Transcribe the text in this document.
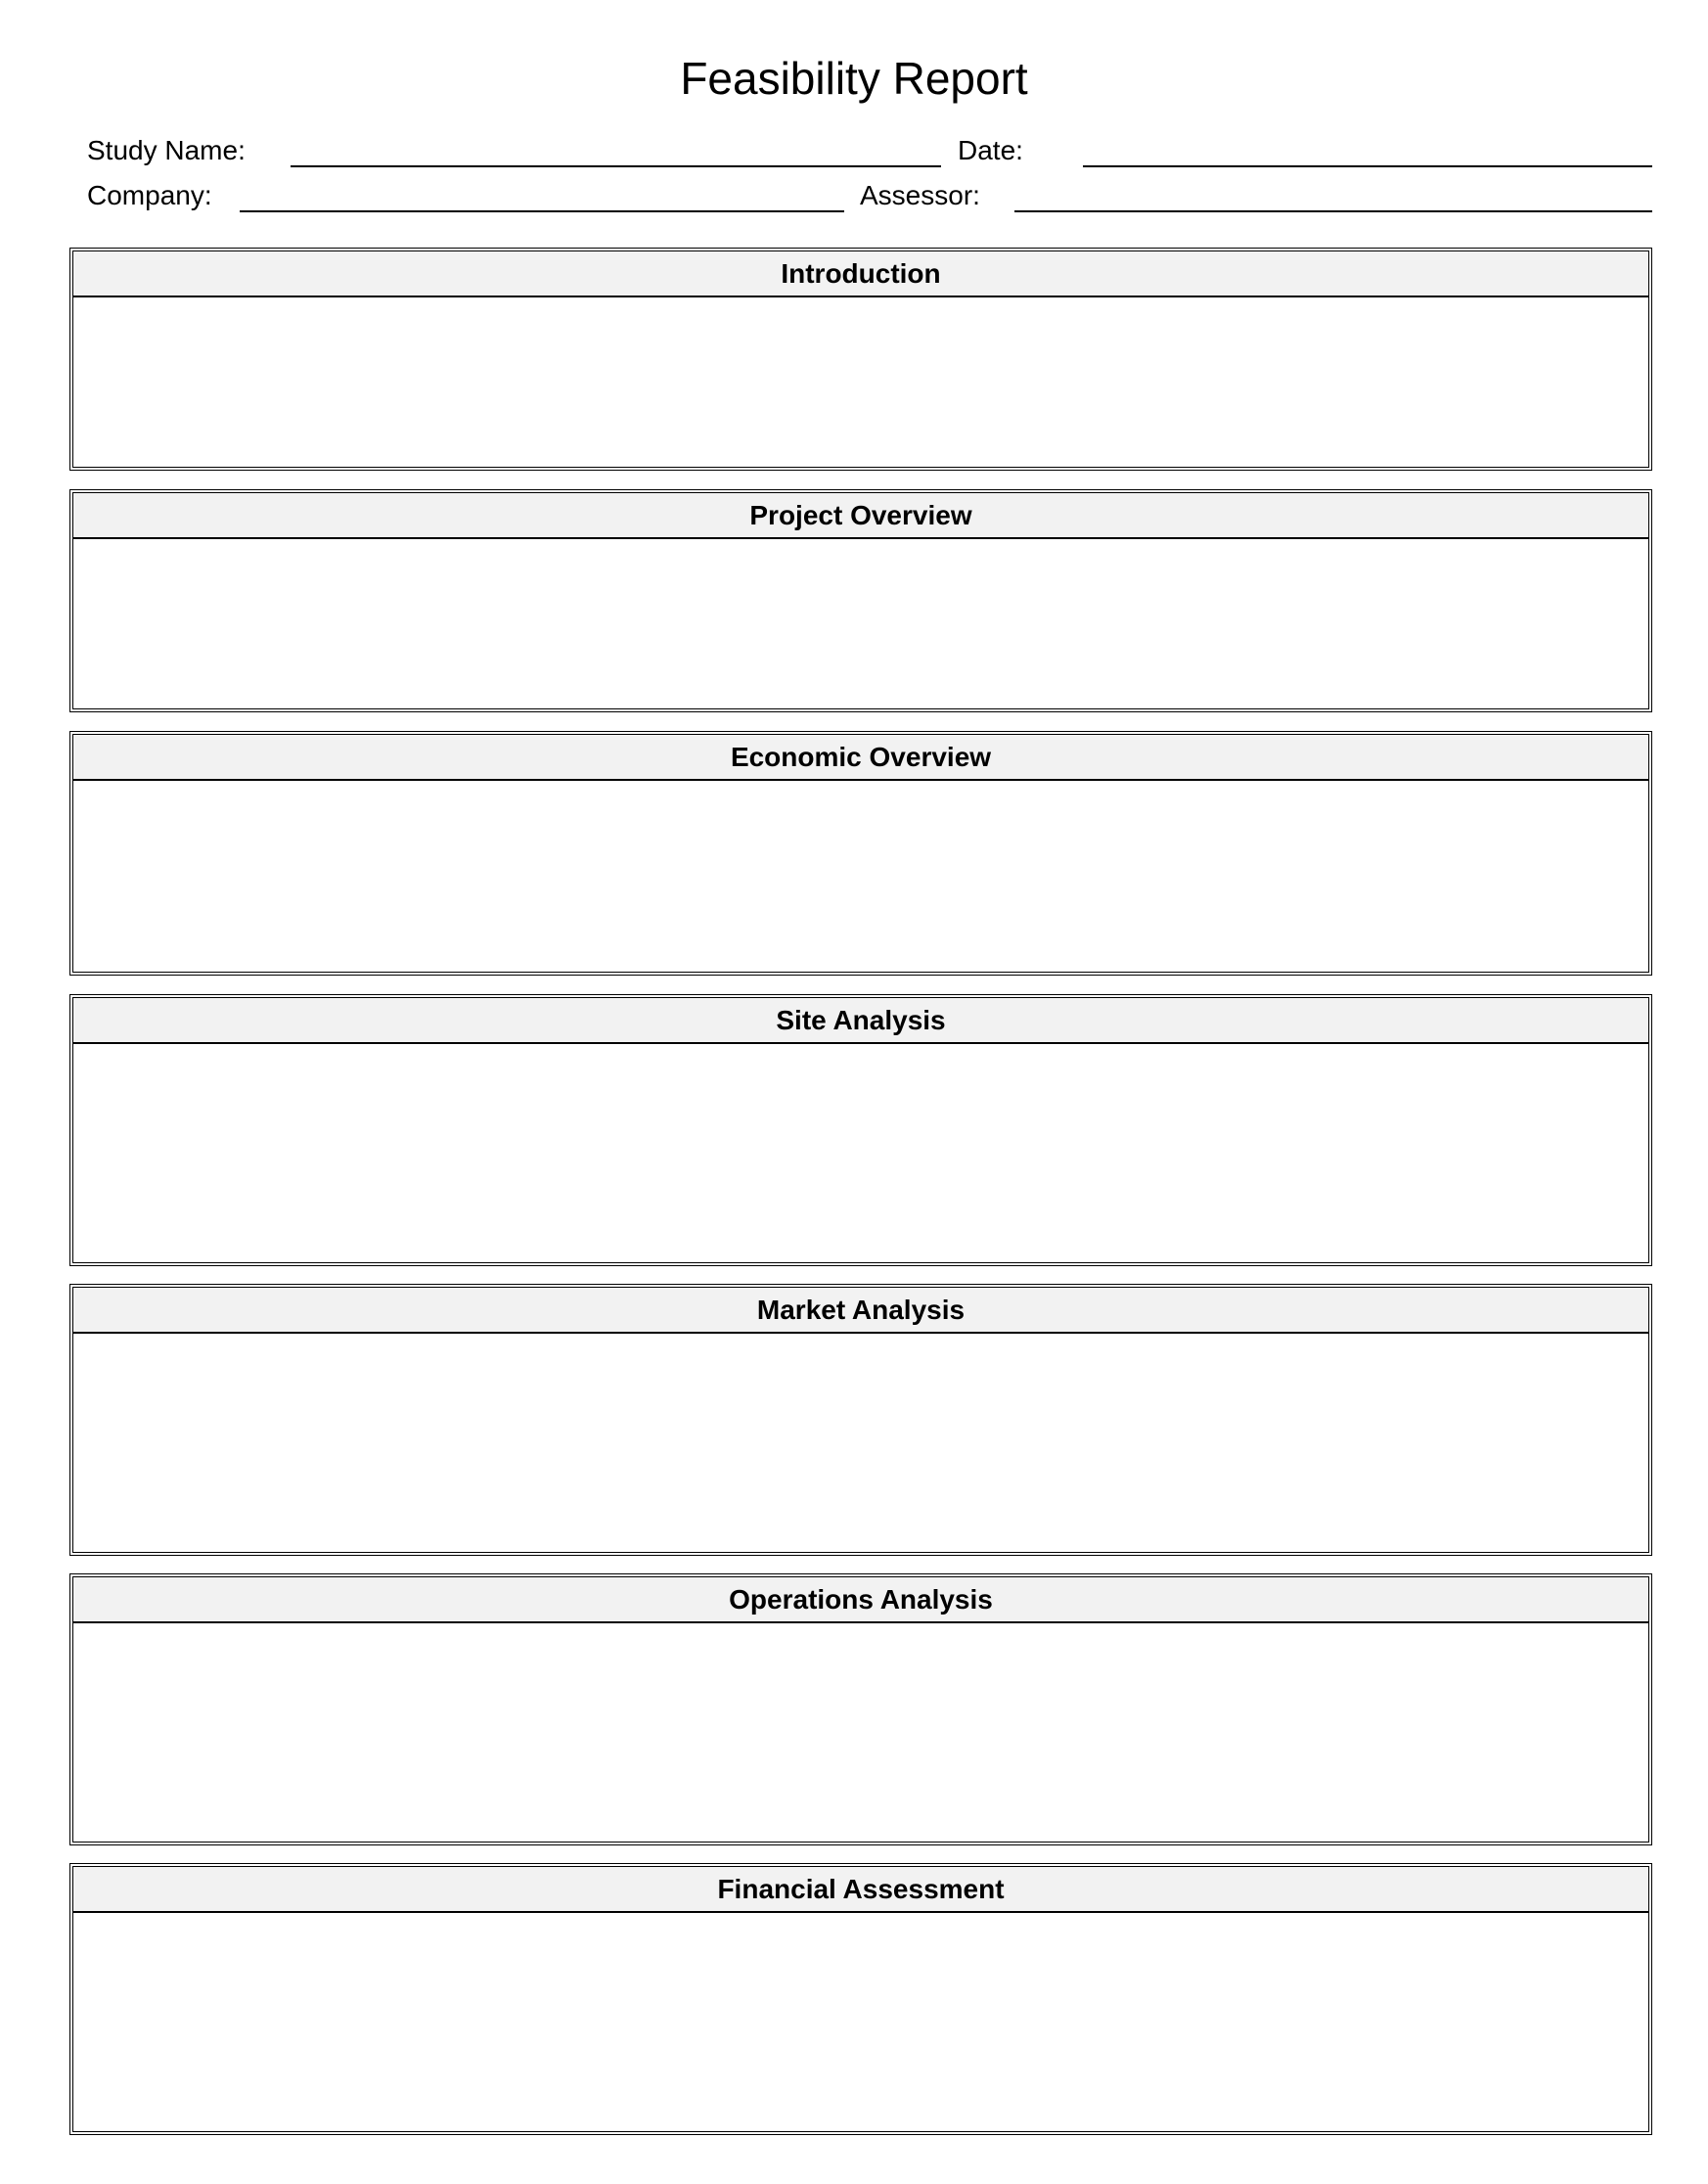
Feasibility Report
Study Name:	Date:
Company:	Assessor:
Introduction
Project Overview
Economic Overview
Site Analysis
Market Analysis
Operations Analysis
Financial Assessment
